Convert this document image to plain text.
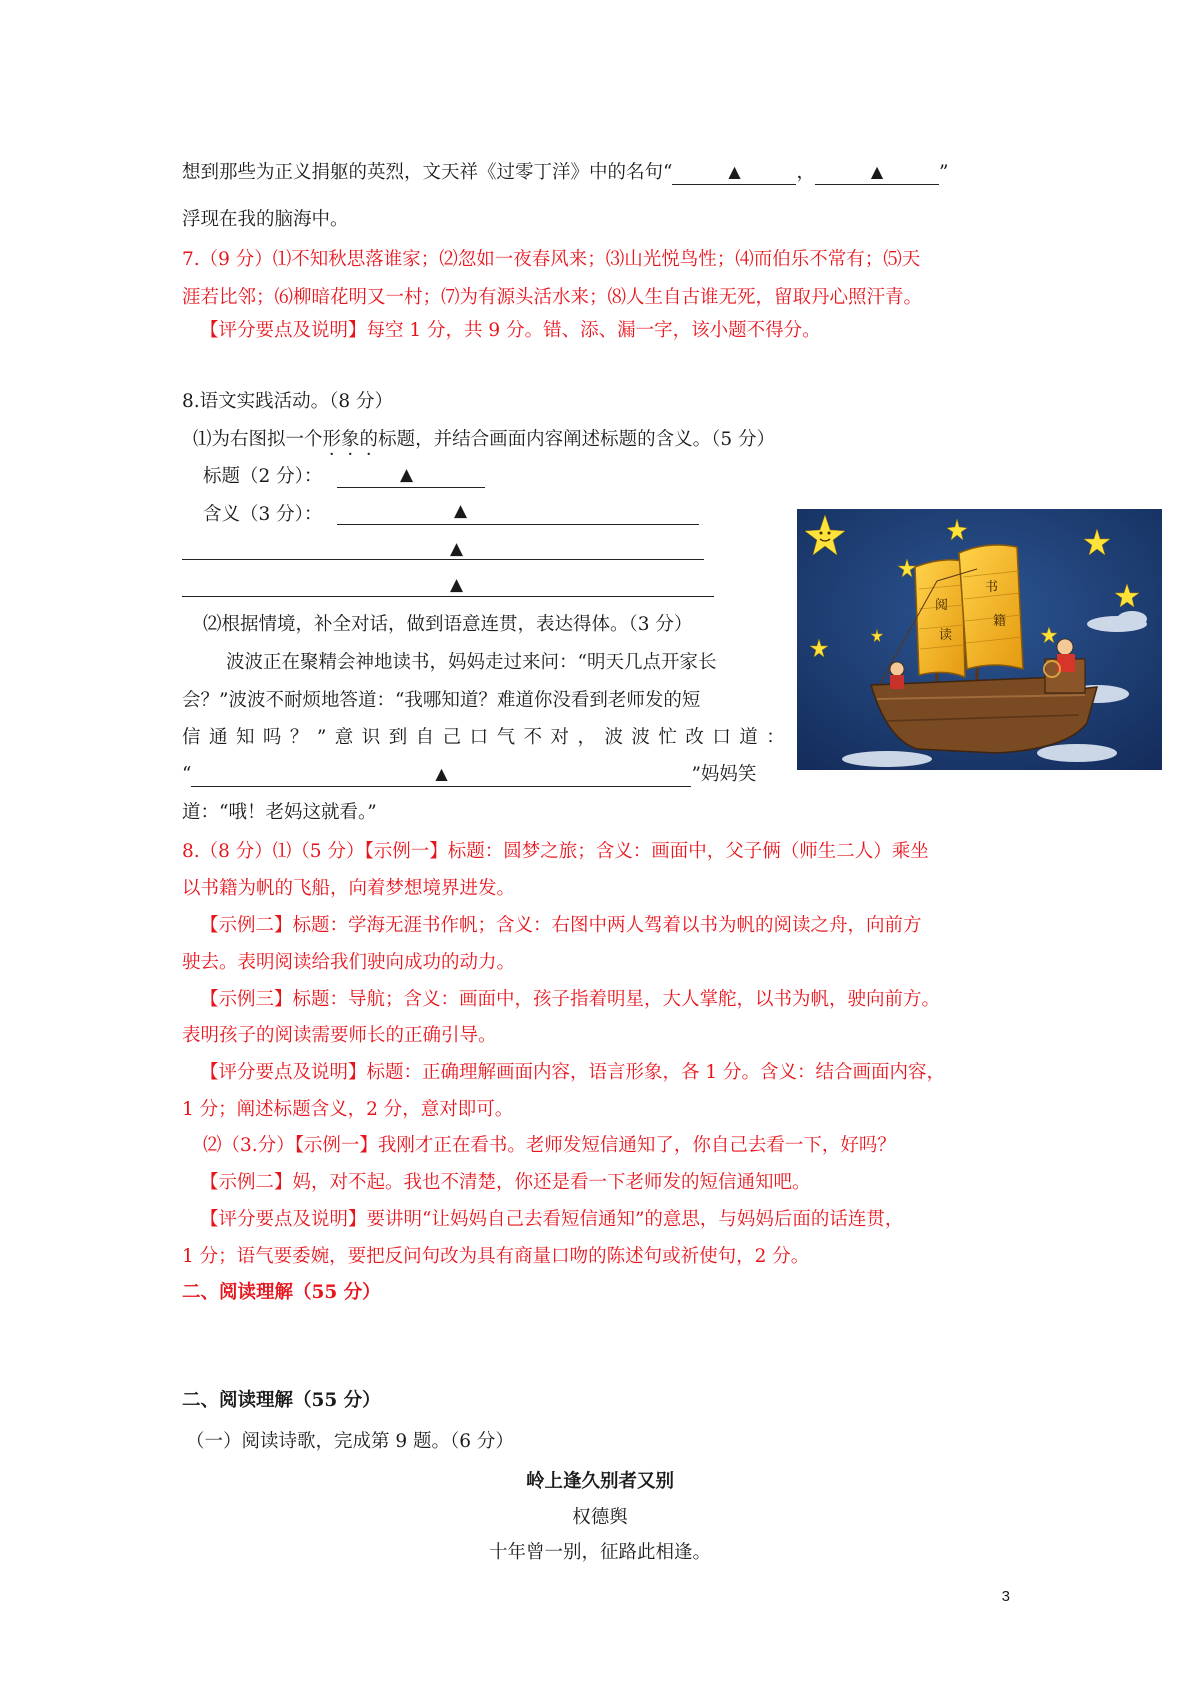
想到那些为正义捐躯的英烈，文天祥《过零丁洋》中的名句“	▲	，	▲	”
浮现在我的脑海中。
7.（9 分）⑴不知秋思落谁家；⑵忽如一夜春风来；⑶山光悦鸟性；⑷而伯乐不常有；⑸天
涯若比邻；⑹柳暗花明又一村；⑺为有源头活水来；⑻人生自古谁无死，留取丹心照汗青。
【评分要点及说明】每空 1 分，共 9 分。错、添、漏一字，该小题不得分。
8.语文实践活动。（8 分）
⑴为右图拟一个形象的标题，并结合画面内容阐述标题的含义。（5 分）
标题（2 分）：	▲
含义（3 分）：	▲
▲
▲
⑵根据情境，补全对话，做到语意连贯，表达得体。（3 分）
波波正在聚精会神地读书，妈妈走过来问：“明天几点开家长
会？”波波不耐烦地答道：“我哪知道？难道你没看到老师发的短
信 通 知 吗 ？ ” 意 识 到 自 己 口 气 不 对 ， 波 波 忙 改 口 道 ：
“	▲	”妈妈笑
道：“哦！老妈这就看。”
阅
读
书
籍
8.（8 分）⑴（5 分）【示例一】标题：圆梦之旅；含义：画面中，父子俩（师生二人）乘坐
以书籍为帆的飞船，向着梦想境界进发。
【示例二】标题：学海无涯书作帆；含义：右图中两人驾着以书为帆的阅读之舟，向前方
驶去。表明阅读给我们驶向成功的动力。
【示例三】标题：导航；含义：画面中，孩子指着明星，大人掌舵，以书为帆，驶向前方。
表明孩子的阅读需要师长的正确引导。
【评分要点及说明】标题：正确理解画面内容，语言形象，各 1 分。含义：结合画面内容，
1 分；阐述标题含义，2 分，意对即可。
⑵（3.分）【示例一】我刚才正在看书。老师发短信通知了，你自己去看一下，好吗？
【示例二】妈，对不起。我也不清楚，你还是看一下老师发的短信通知吧。
【评分要点及说明】要讲明“让妈妈自己去看短信通知”的意思，与妈妈后面的话连贯，
1 分；语气要委婉，要把反问句改为具有商量口吻的陈述句或祈使句，2 分。
二、阅读理解（55 分）
二、阅读理解（55 分）
（一）阅读诗歌，完成第 9 题。（6 分）
岭上逢久别者又别
权德舆
十年曾一别，征路此相逢。
3
